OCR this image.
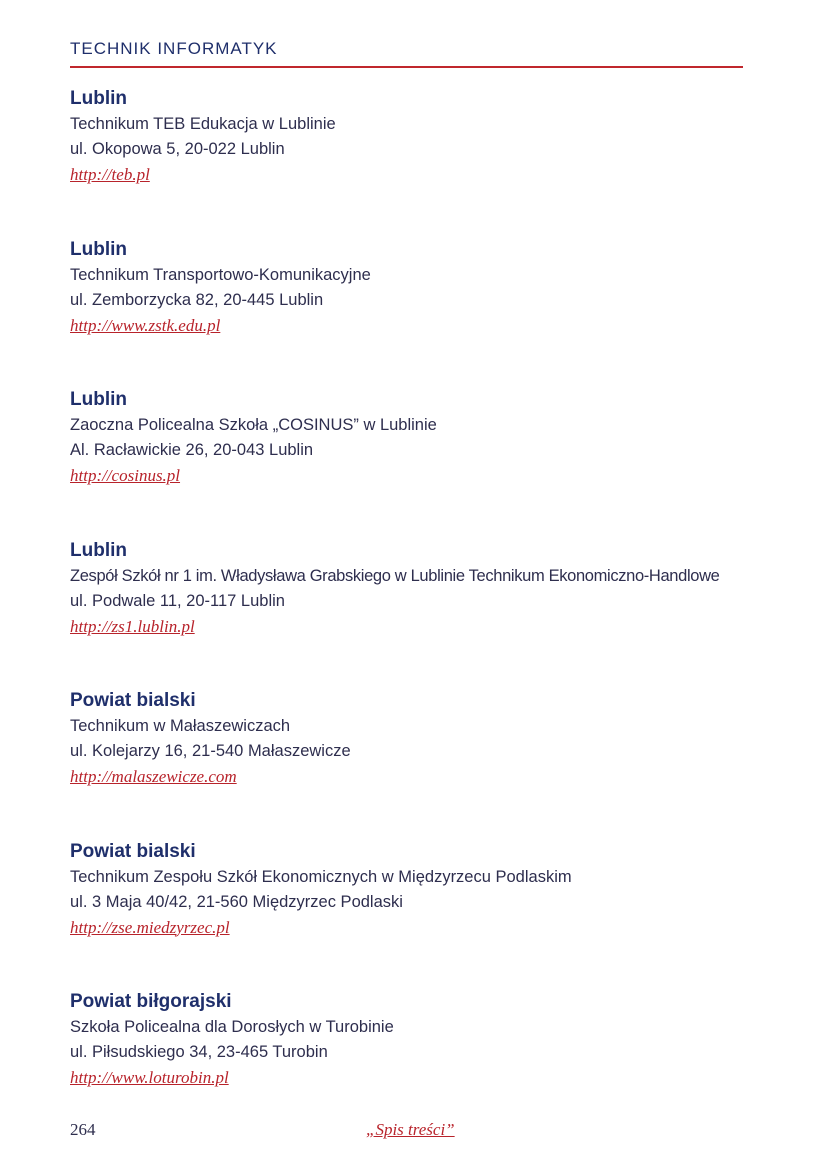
TECHNIK INFORMATYK

Lublin

Technikum TEB Edukacja w Lublinie

ul. Okopowa 5, 20-022 Lublin

http://teb.pl

Lublin

Technikum Transportowo-Komunikacyjne

ul. Zemborzycka 82, 20-445 Lublin

http://www.zstk.edu.pl

Lublin

Zaoczna Policealna Szkoła „COSINUS” w Lublinie

Al. Racławickie 26, 20-043 Lublin

http://cosinus.pl

Lublin

Zespół Szkół nr 1 im. Władysława Grabskiego w Lublinie Technikum Ekonomiczno-Handlowe

ul. Podwale 11, 20-117 Lublin

http://zs1.lublin.pl

Powiat bialski

Technikum w Małaszewiczach

ul. Kolejarzy 16, 21-540 Małaszewicze

http://malaszewicze.com

Powiat bialski

Technikum Zespołu Szkół Ekonomicznych w Międzyrzecu Podlaskim

ul. 3 Maja 40/42, 21-560 Międzyrzec Podlaski

http://zse.miedzyrzec.pl

Powiat biłgorajski

Szkoła Policealna dla Dorosłych w Turobinie

ul. Piłsudskiego 34, 23-465 Turobin

http://www.loturobin.pl
264	„Spis treści”
